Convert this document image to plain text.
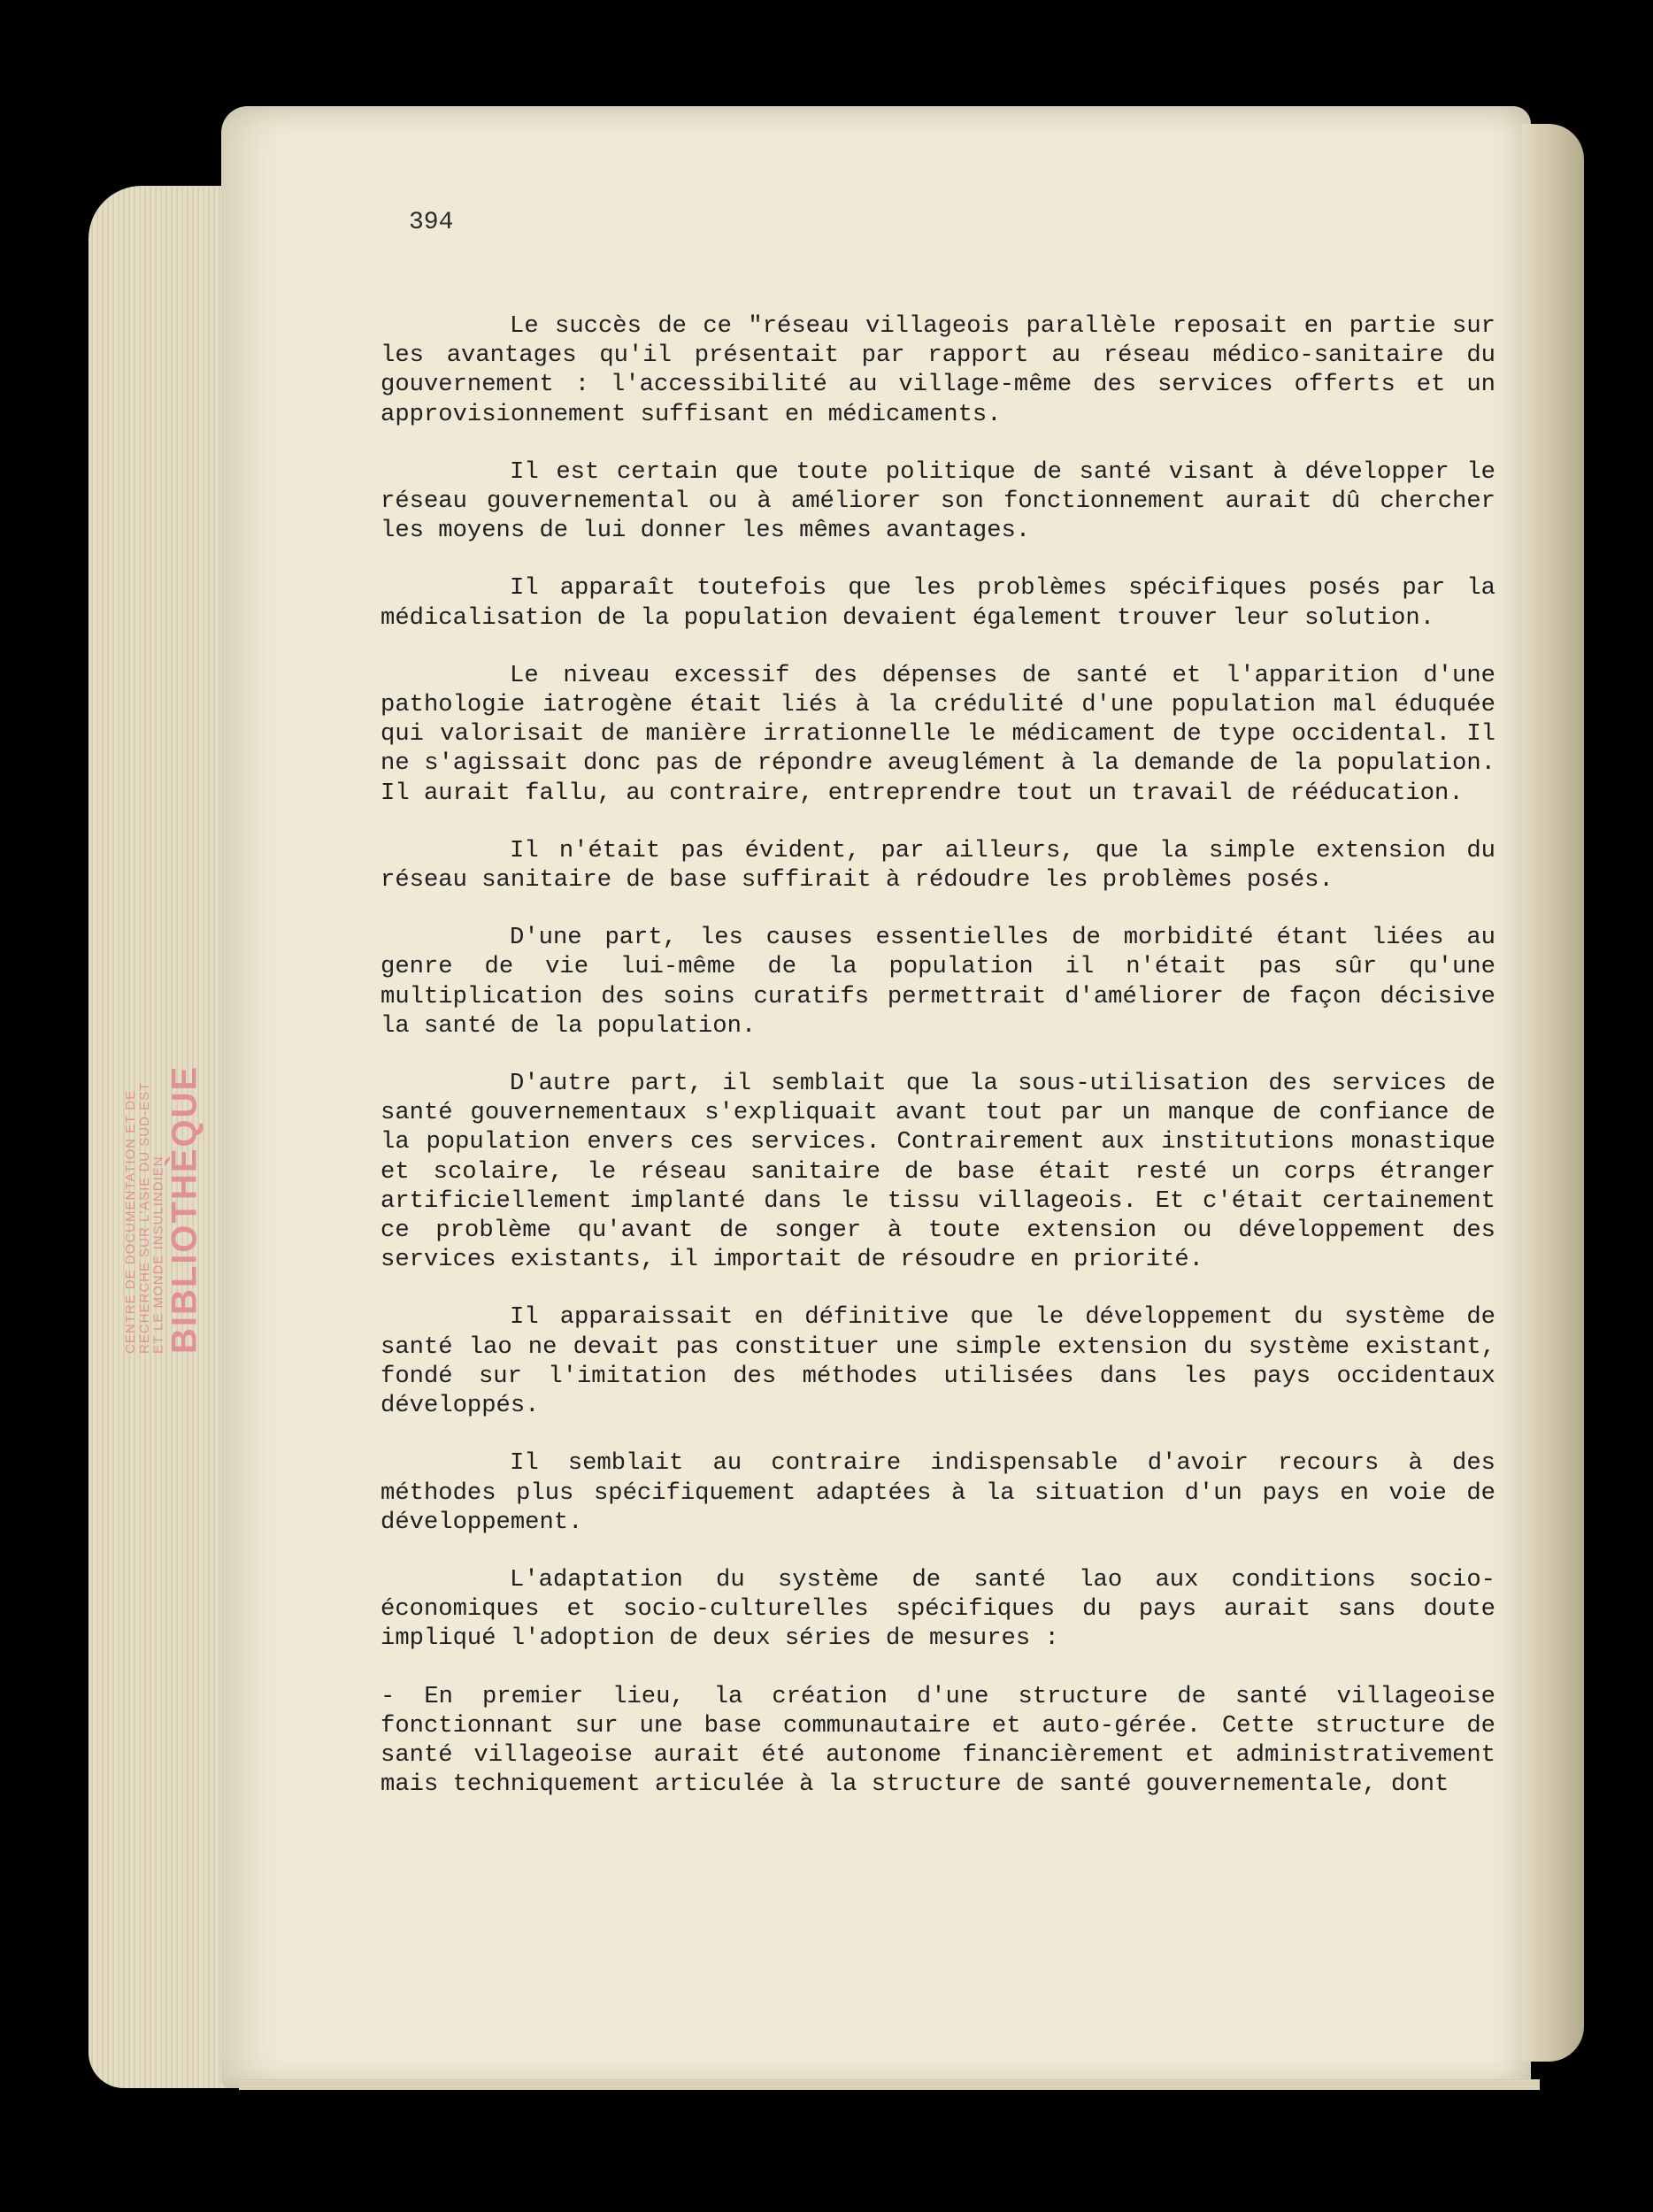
CENTRE DE DOCUMENTATION ET DE
RECHERCHE SUR L'ASIE DU SUD-EST
ET LE MONDE INSULINDIEN
BIBLIOTHÈQUE
394

Le succès de ce "réseau villageois parallèle reposait en partie sur les avantages qu'il présentait par rapport au réseau médico-sanitaire du gouvernement : l'accessibilité au village-même des services offerts et un approvisionnement suffisant en médicaments.

Il est certain que toute politique de santé visant à développer le réseau gouvernemental ou à améliorer son fonctionnement aurait dû chercher les moyens de lui donner les mêmes avantages.

Il apparaît toutefois que les problèmes spécifiques posés par la médicalisation de la population devaient également trouver leur solution.

Le niveau excessif des dépenses de santé et l'apparition d'une pathologie iatrogène était liés à la crédulité d'une population mal éduquée qui valorisait de manière irrationnelle le médicament de type occidental. Il ne s'agissait donc pas de répondre aveuglément à la demande de la population. Il aurait fallu, au contraire, entreprendre tout un travail de rééducation.

Il n'était pas évident, par ailleurs, que la simple extension du réseau sanitaire de base suffirait à rédoudre les problèmes posés.

D'une part, les causes essentielles de morbidité étant liées au genre de vie lui-même de la population il n'était pas sûr qu'une multiplication des soins curatifs permettrait d'améliorer de façon décisive la santé de la population.

D'autre part, il semblait que la sous-utilisation des services de santé gouvernementaux s'expliquait avant tout par un manque de confiance de la population envers ces services. Contrairement aux institutions monastique et scolaire, le réseau sanitaire de base était resté un corps étranger artificiellement implanté dans le tissu villageois. Et c'était certainement ce problème qu'avant de songer à toute extension ou développement des services existants, il importait de résoudre en priorité.

Il apparaissait en définitive que le développement du système de santé lao ne devait pas constituer une simple extension du système existant, fondé sur l'imitation des méthodes utilisées dans les pays occidentaux développés.

Il semblait au contraire indispensable d'avoir recours à des méthodes plus spécifiquement adaptées à la situation d'un pays en voie de développement.

L'adaptation du système de santé lao aux conditions socio-économiques et socio-culturelles spécifiques du pays aurait sans doute impliqué l'adoption de deux séries de mesures :

- En premier lieu, la création d'une structure de santé villageoise fonctionnant sur une base communautaire et auto-gérée. Cette structure de santé villageoise aurait été autonome financièrement et administrativement mais techniquement articulée à la structure de santé gouvernementale, dont
